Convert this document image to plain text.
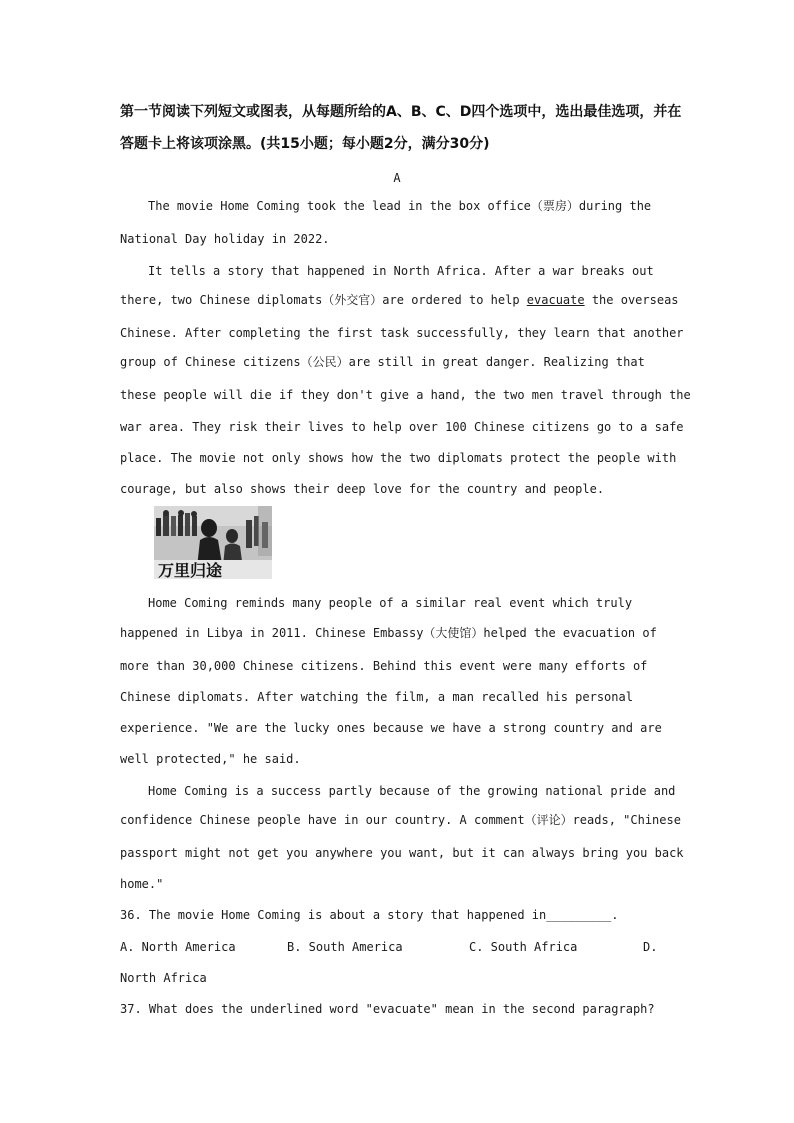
第一节阅读下列短文或图表，从每题所给的A、B、C、D四个选项中，选出最佳选项，并在
答题卡上将该项涂黑。(共15小题；每小题2分，满分30分)
A
The movie Home Coming took the lead in the box office（票房）during the
National Day holiday in 2022.
It tells a story that happened in North Africa. After a war breaks out
there, two Chinese diplomats（外交官）are ordered to help evacuate the overseas
Chinese. After completing the first task successfully, they learn that another
group of Chinese citizens（公民）are still in great danger. Realizing that
these people will die if they don't give a hand, the two men travel through the
war area. They risk their lives to help over 100 Chinese citizens go to a safe
place. The movie not only shows how the two diplomats protect the people with
courage, but also shows their deep love for the country and people.
万里归途
Home Coming reminds many people of a similar real event which truly
happened in Libya in 2011. Chinese Embassy（大使馆）helped the evacuation of
more than 30,000 Chinese citizens. Behind this event were many efforts of
Chinese diplomats. After watching the film, a man recalled his personal
experience. "We are the lucky ones because we have a strong country and are
well protected," he said.
Home Coming is a success partly because of the growing national pride and
confidence Chinese people have in our country. A comment（评论）reads, "Chinese
passport might not get you anywhere you want, but it can always bring you back
home."
36. The movie Home Coming is about a story that happened in_________.
A. North America	B. South America	C. South Africa	D.
North Africa
37. What does the underlined word "evacuate" mean in the second paragraph?
